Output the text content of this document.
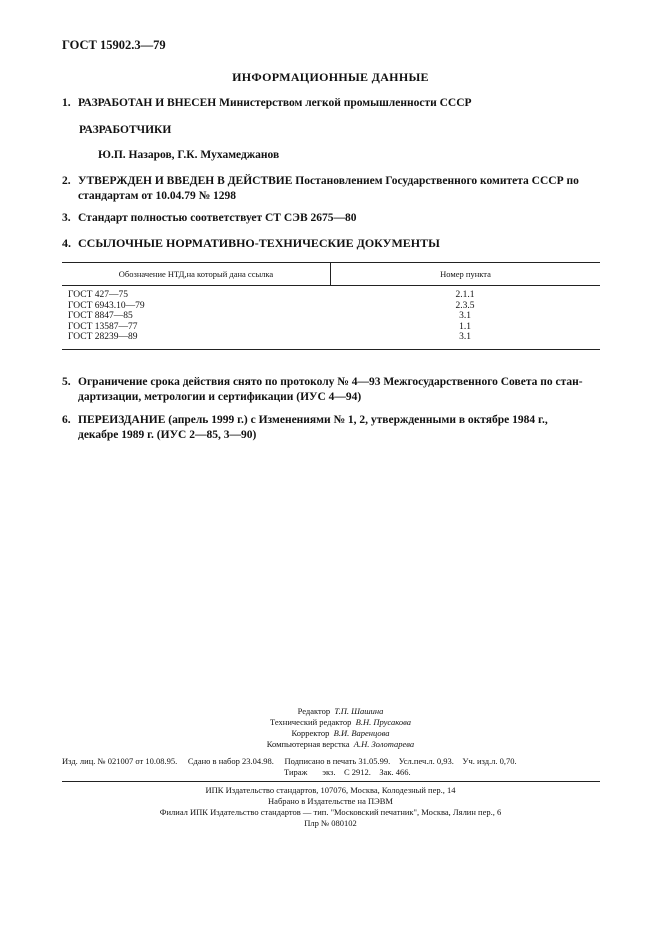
ГОСТ 15902.3—79
ИНФОРМАЦИОННЫЕ ДАННЫЕ
1. РАЗРАБОТАН И ВНЕСЕН Министерством легкой промышленности СССР
РАЗРАБОТЧИКИ
Ю.П. Назаров, Г.К. Мухамеджанов
2. УТВЕРЖДЕН И ВВЕДЕН В ДЕЙСТВИЕ Постановлением Государственного комитета СССР по
стандартам от 10.04.79 № 1298
3. Стандарт полностью соответствует СТ СЭВ 2675—80
4. ССЫЛОЧНЫЕ НОРМАТИВНО-ТЕХНИЧЕСКИЕ ДОКУМЕНТЫ
Обозначение НТД,на который дана ссылка	Номер пункта
ГОСТ 427—75
ГОСТ 6943.10—79
ГОСТ 8847—85
ГОСТ 13587—77
ГОСТ 28239—89
2.1.1
2.3.5
3.1
1.1
3.1
5. Ограничение срока действия снято по протоколу № 4—93 Межгосударственного Совета по стан-
дартизации, метрологии и сертификации (ИУС 4—94)
6. ПЕРЕИЗДАНИЕ (апрель 1999 г.) с Изменениями № 1, 2, утвержденными в октябре 1984 г.,
декабре 1989 г. (ИУС 2—85, 3—90)
Редактор Т.П. Шашина
Технический редактор В.Н. Прусакова
Корректор В.И. Варенцова
Компьютерная верстка А.Н. Золотарева
Изд. лиц. № 021007 от 10.08.95. Сдано в набор 23.04.98. Подписано в печать 31.05.99. Усл.печ.л. 0,93. Уч. изд.л. 0,70.
Тираж экз. С 2912. Зак. 466.
ИПК Издательство стандартов, 107076, Москва, Колодезный пер., 14
Набрано в Издательстве на ПЭВМ
Филиал ИПК Издательство стандартов — тип. "Московский печатник", Москва, Лялин пер., 6
Плр № 080102
